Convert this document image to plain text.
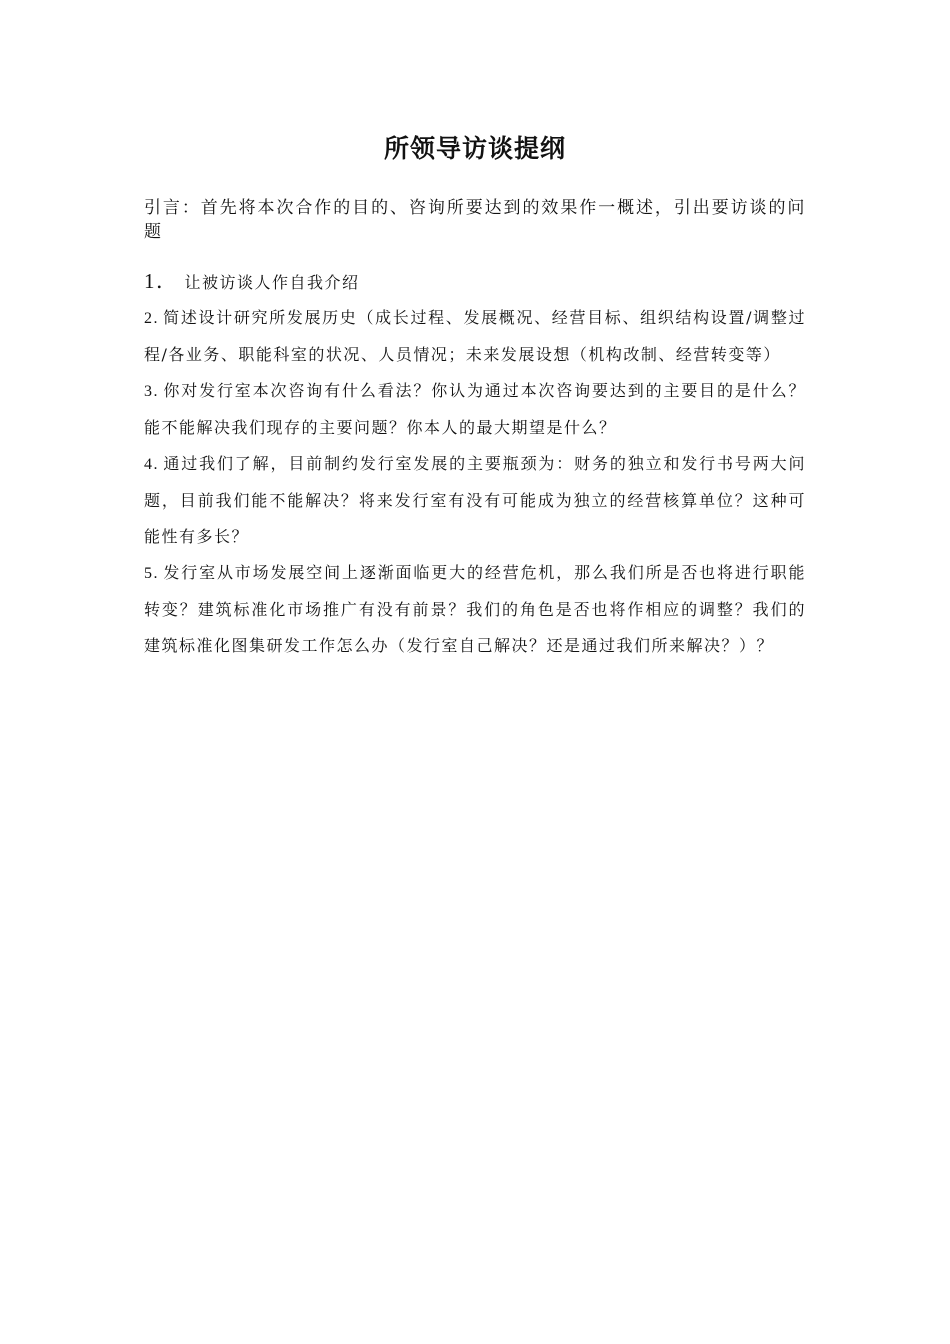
所领导访谈提纲

引言：首先将本次合作的目的、咨询所要达到的效果作一概述，引出要访谈的问题

1． 让被访谈人作自我介绍

2. 简述设计研究所发展历史（成长过程、发展概况、经营目标、组织结构设置/调整过程/各业务、职能科室的状况、人员情况；未来发展设想（机构改制、经营转变等）

3. 你对发行室本次咨询有什么看法？你认为通过本次咨询要达到的主要目的是什么？能不能解决我们现存的主要问题？你本人的最大期望是什么？

4. 通过我们了解，目前制约发行室发展的主要瓶颈为：财务的独立和发行书号两大问题，目前我们能不能解决？将来发行室有没有可能成为独立的经营核算单位？这种可能性有多长？

5. 发行室从市场发展空间上逐渐面临更大的经营危机，那么我们所是否也将进行职能转变？建筑标准化市场推广有没有前景？我们的角色是否也将作相应的调整？我们的建筑标准化图集研发工作怎么办（发行室自己解决？还是通过我们所来解决？）？
